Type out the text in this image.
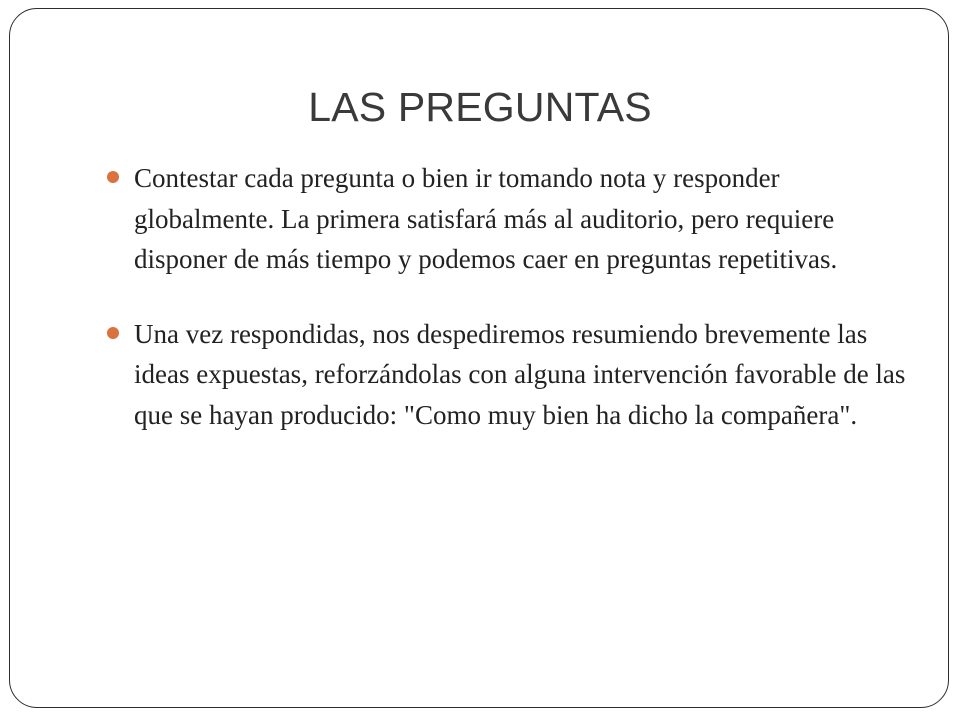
LAS PREGUNTAS
Contestar cada pregunta o bien ir tomando nota y responder globalmente. La primera satisfará más al auditorio, pero requiere disponer de más tiempo y podemos caer en preguntas repetitivas.
Una vez respondidas, nos despediremos resumiendo brevemente las ideas expuestas, reforzándolas con alguna intervención favorable de las que se hayan producido: "Como muy bien ha dicho la compañera".
